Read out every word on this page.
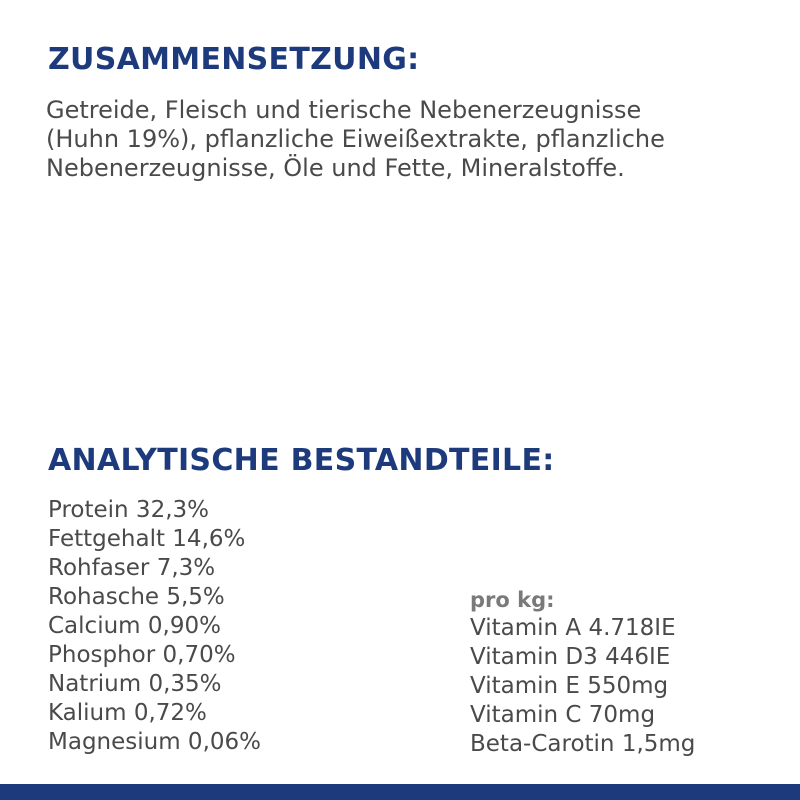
ZUSAMMENSETZUNG:

Getreide, Fleisch und tierische Nebenerzeugnisse
(Huhn 19%), pflanzliche Eiweißextrakte, pflanzliche
Nebenerzeugnisse, Öle und Fette, Mineralstoffe.

ANALYTISCHE BESTANDTEILE:
Protein 32,3%
Fettgehalt 14,6%
Rohfaser 7,3%
Rohasche 5,5%
Calcium 0,90%
Phosphor 0,70%
Natrium 0,35%
Kalium 0,72%
Magnesium 0,06%
pro kg:
Vitamin A 4.718IE
Vitamin D3 446IE
Vitamin E 550mg
Vitamin C 70mg
Beta-Carotin 1,5mg
